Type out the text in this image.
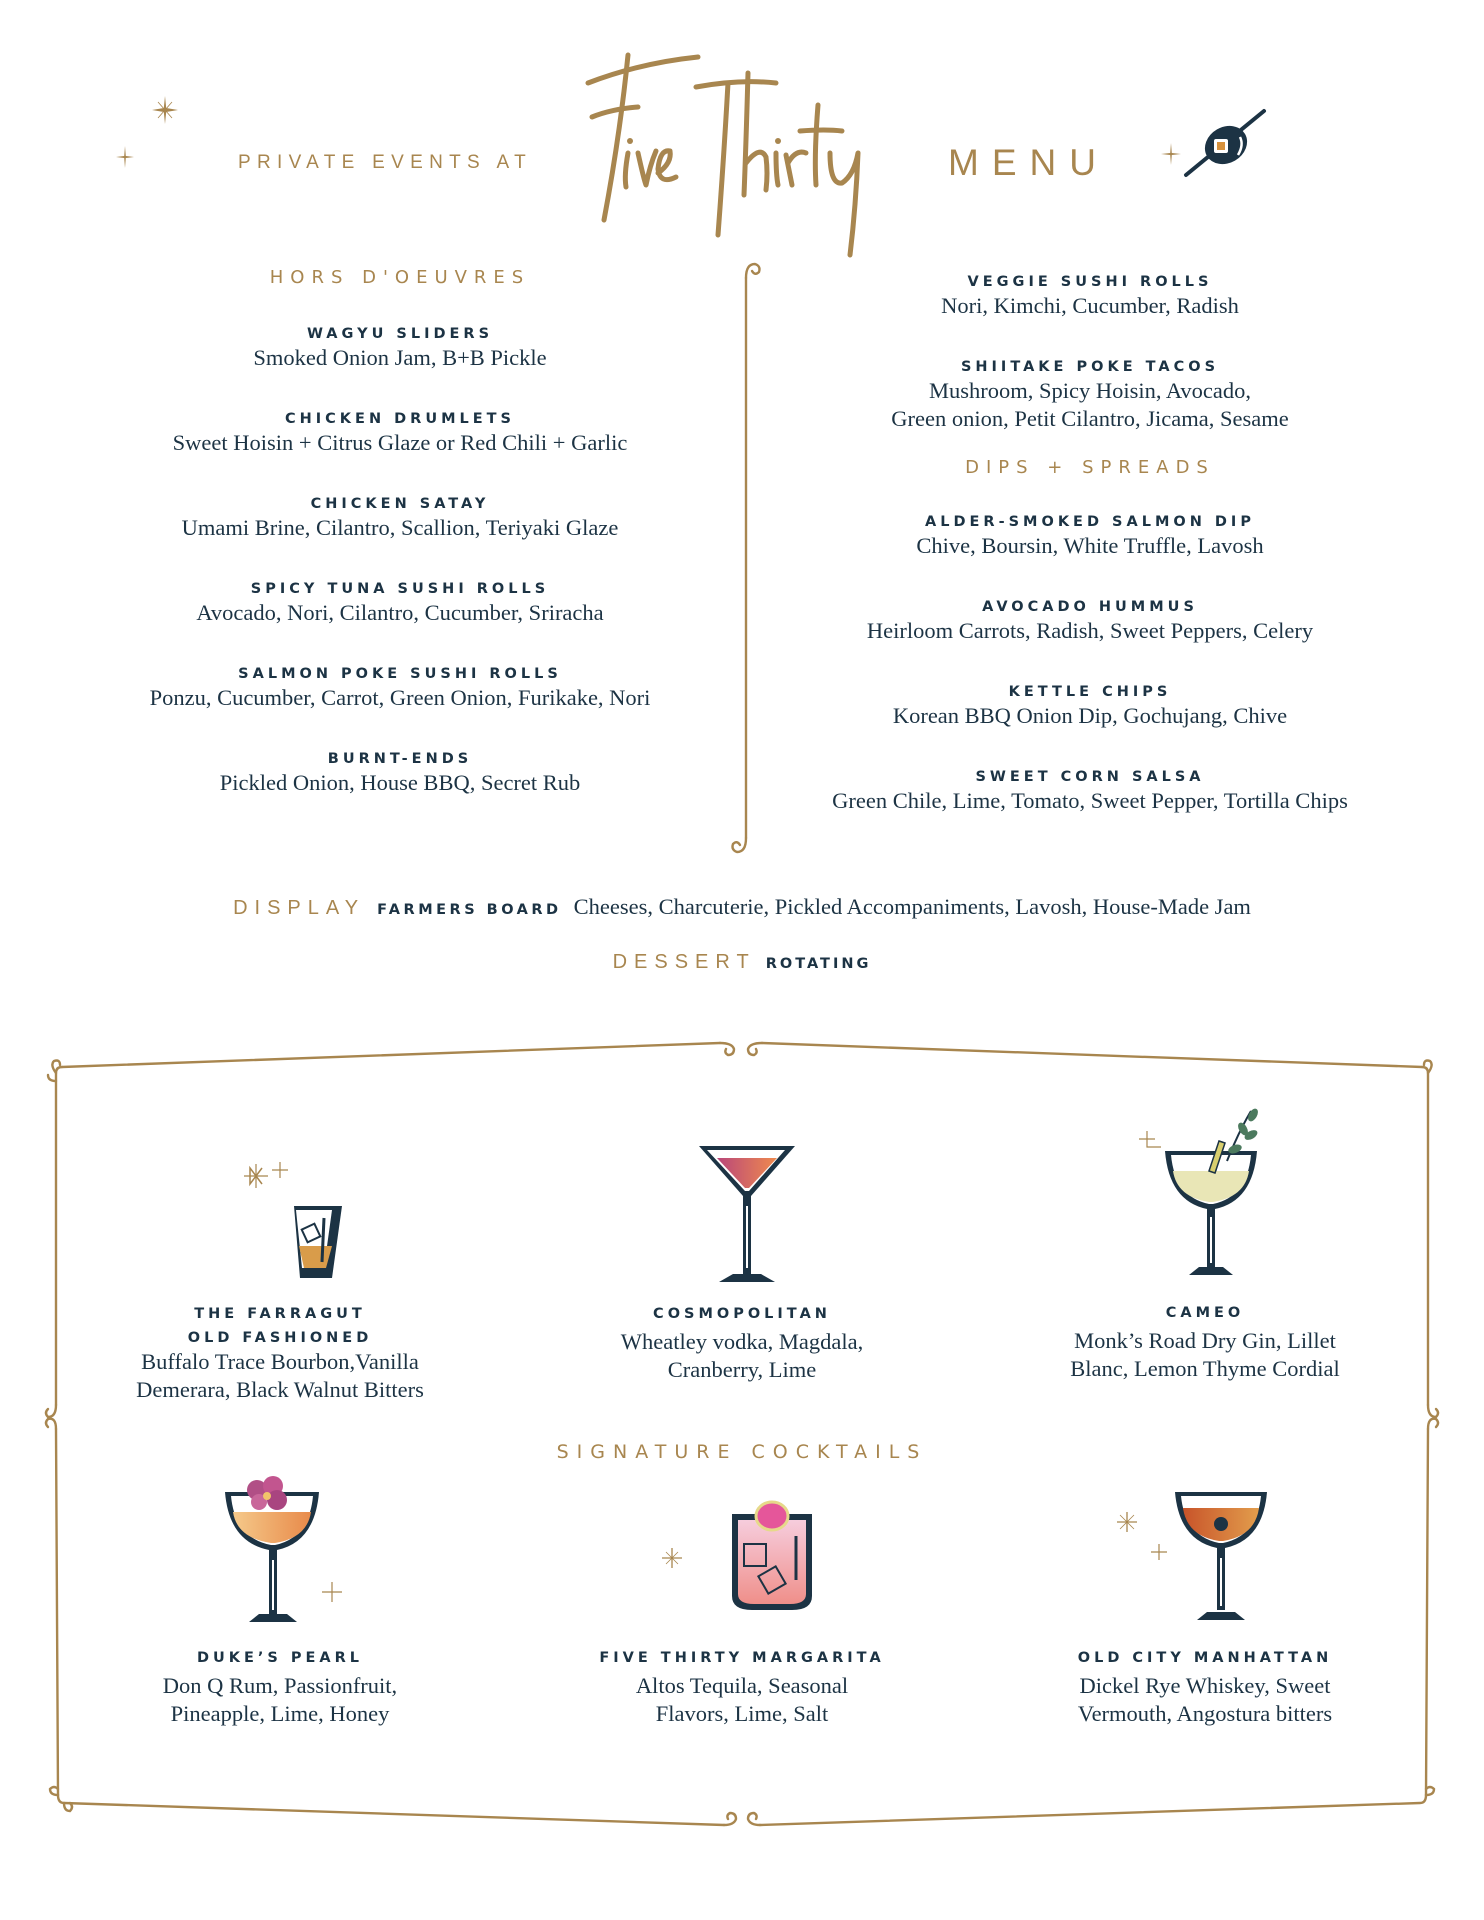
PRIVATE EVENTS AT	MENU
HORS D'OEUVRES
WAGYU SLIDERS
Smoked Onion Jam, B+B Pickle
CHICKEN DRUMLETS
Sweet Hoisin + Citrus Glaze or Red Chili + Garlic
CHICKEN SATAY
Umami Brine, Cilantro, Scallion, Teriyaki Glaze
SPICY TUNA SUSHI ROLLS
Avocado, Nori, Cilantro, Cucumber, Sriracha
SALMON POKE SUSHI ROLLS
Ponzu, Cucumber, Carrot, Green Onion, Furikake, Nori
BURNT-ENDS
Pickled Onion, House BBQ, Secret Rub
VEGGIE SUSHI ROLLS
Nori, Kimchi, Cucumber, Radish
SHIITAKE POKE TACOS
Mushroom, Spicy Hoisin, Avocado,
Green onion, Petit Cilantro, Jicama, Sesame
DIPS + SPREADS
ALDER-SMOKED SALMON DIP
Chive, Boursin, White Truffle, Lavosh
AVOCADO HUMMUS
Heirloom Carrots, Radish, Sweet Peppers, Celery
KETTLE CHIPS
Korean BBQ Onion Dip, Gochujang, Chive
SWEET CORN SALSA
Green Chile, Lime, Tomato, Sweet Pepper, Tortilla Chips
DISPLAY FARMERS BOARD Cheeses, Charcuterie, Pickled Accompaniments, Lavosh, House-Made Jam
DESSERT ROTATING
SIGNATURE COCKTAILS
THE FARRAGUT
OLD FASHIONED
Buffalo Trace Bourbon,Vanilla
Demerara, Black Walnut Bitters
COSMOPOLITAN
Wheatley vodka, Magdala,
Cranberry, Lime
CAMEO
Monk’s Road Dry Gin, Lillet
Blanc, Lemon Thyme Cordial
DUKE’S PEARL
Don Q Rum, Passionfruit,
Pineapple, Lime, Honey
FIVE THIRTY MARGARITA
Altos Tequila, Seasonal
Flavors, Lime, Salt
OLD CITY MANHATTAN
Dickel Rye Whiskey, Sweet
Vermouth, Angostura bitters
